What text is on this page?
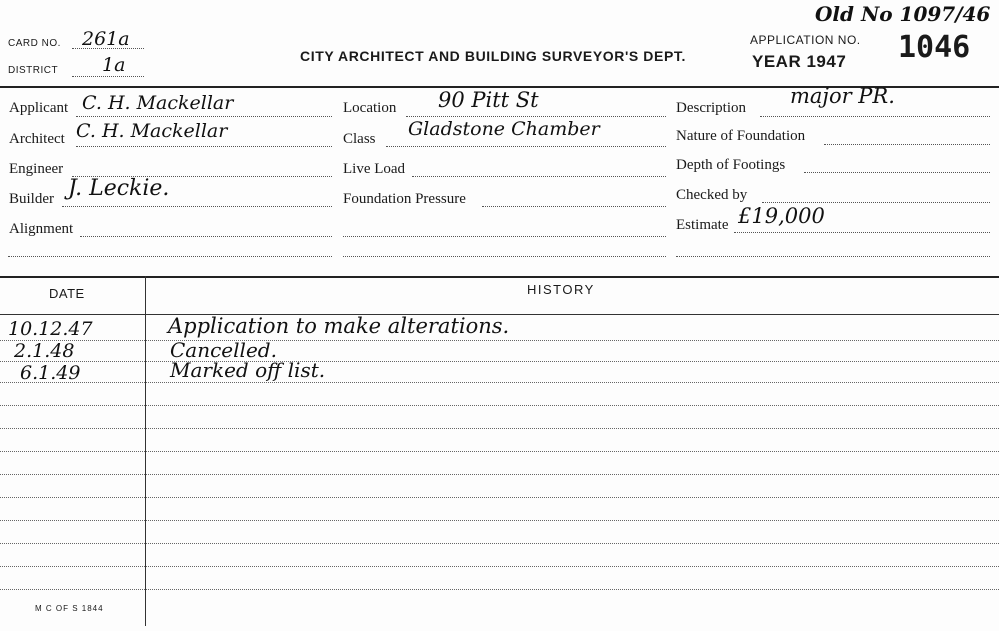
CARD NO. 261a
DISTRICT 1a	CITY ARCHITECT AND BUILDING SURVEYOR'S DEPT.
Old No 1097/46
APPLICATION NO. 1046
YEAR 1947
Applicant C. H. Mackellar
Architect C. H. Mackellar
Engineer
Builder J. Leckie.
Alignment
Location 90 Pitt St
Class Gladstone Chamber
Live Load
Foundation Pressure
Description major PR.
Nature of Foundation
Depth of Footings
Checked by
Estimate £19,000
DATE	HISTORY
10.12.47	Application to make alterations.
2.1.48	Cancelled.
6.1.49	Marked off list.
M C OF S 1844
